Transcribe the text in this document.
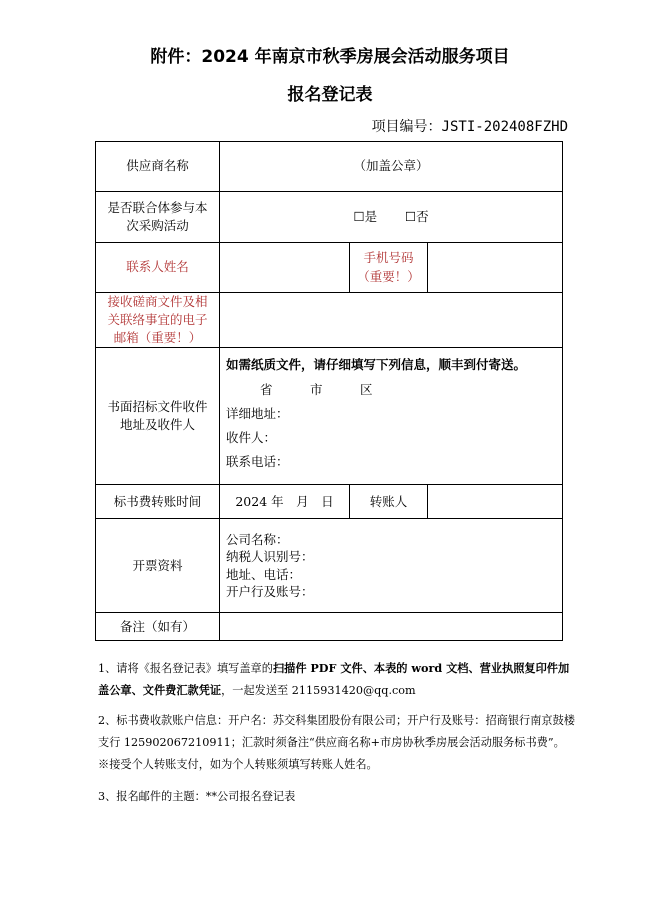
附件：2024 年南京市秋季房展会活动服务项目
报名登记表
项目编号：JSTI-202408FZHD
供应商名称	（加盖公章）		
是否联合体参与本次采购活动	☐是 ☐否		
联系人姓名		手机号码
（重要！）	

接收磋商文件及相关联络事宜的电子邮箱（重要！）			
书面招标文件收件地址及收件人	如需纸质文件，请仔细填写下列信息，顺丰到付寄送。
省　　　市　　　区
详细地址：
收件人：
联系电话：		

标书费转账时间	2024 年　月　日	转账人	
开票资料	公司名称：
纳税人识别号：
地址、电话：
开户行及账号：		

备注（如有）			
1、请将《报名登记表》填写盖章的扫描件 PDF 文件、本表的 word 文档、营业执照复印件加盖公章、文件费汇款凭证，一起发送至 2115931420@qq.com
2、标书费收款账户信息：开户名：苏交科集团股份有限公司；开户行及账号：招商银行南京鼓楼支行 125902067210911；汇款时须备注“供应商名称+市房协秋季房展会活动服务标书费”。
※接受个人转账支付，如为个人转账须填写转账人姓名。
3、报名邮件的主题：**公司报名登记表
